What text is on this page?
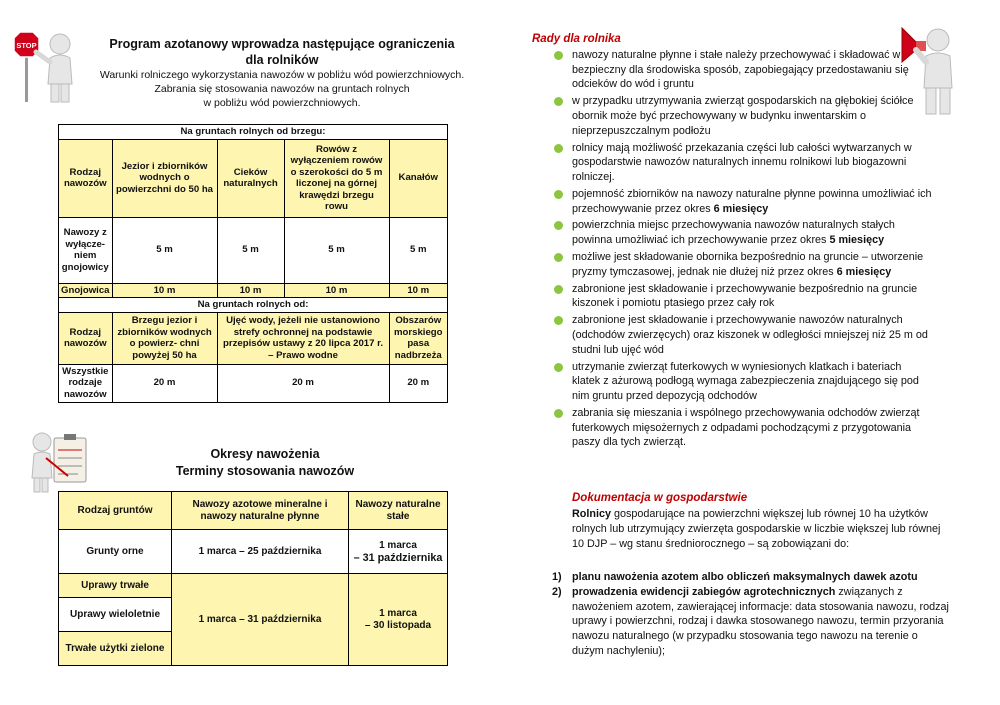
STOP	Program azotanowy wprowadza następujące ograniczenia
dla rolników
Warunki rolniczego wykorzystania nawozów w pobliżu wód powierzchniowych.
Zabrania się stosowania nawozów na gruntach rolnych
w pobliżu wód powierzchniowych.
Na gruntach rolnych od brzegu:				
Rodzaj nawozów	Jezior i zbiorników wodnych o powierzchni do 50 ha	Cieków naturalnych	Rowów z wyłączeniem rowów o szerokości do 5 m liczonej na górnej krawędzi brzegu rowu	Kanałów
Nawozy z wyłącze- niem gnojowicy	5 m	5 m	5 m	5 m
Gnojowica	10 m	10 m	10 m	10 m
Na gruntach rolnych od:				
Rodzaj nawozów	Brzegu jezior i zbiorników wodnych o powierz- chni powyżej 50 ha	Ujęć wody, jeżeli nie ustanowiono strefy ochronnej na podstawie przepisów ustawy z 20 lipca 2017 r. – Prawo wodne		Obszarów morskiego pasa nadbrzeża
Wszystkie rodzaje nawozów	20 m	20 m		20 m
Okresy nawożenia
Terminy stosowania nawozów
Rodzaj gruntów	Nawozy azotowe mineralne i nawozy naturalne płynne	Nawozy naturalne stałe
Grunty orne	1 marca – 25 października	1 marca
– 31 października

Uprawy trwałe	1 marca – 31 października	1 marca
– 30 listopada

Uprawy wieloletnie		
Trwałe użytki zielone		
Rady dla rolnika
nawozy naturalne płynne i stałe należy przechowywać i składować w bezpieczny dla środowiska sposób, zapobiegający przedostawaniu się odcieków do wód i gruntu
w przypadku utrzymywania zwierząt gospodarskich na głębokiej ściółce obornik może być przechowywany w budynku inwentarskim o nieprzepuszczalnym podłożu
rolnicy mają możliwość przekazania części lub całości wytwarzanych w gospodarstwie nawozów naturalnych innemu rolnikowi lub biogazowni rolniczej.
pojemność zbiorników na nawozy naturalne płynne powinna umożliwiać ich przechowywanie przez okres 6 miesięcy
powierzchnia miejsc przechowywania nawozów naturalnych stałych powinna umożliwiać ich przechowywanie przez okres 5 miesięcy
możliwe jest składowanie obornika bezpośrednio na gruncie – utworzenie pryzmy tymczasowej, jednak nie dłużej niż przez okres 6 miesięcy
zabronione jest składowanie i przechowywanie bezpośrednio na gruncie kiszonek i pomiotu ptasiego przez cały rok
zabronione jest składowanie i przechowywanie nawozów naturalnych (odchodów zwierzęcych) oraz kiszonek w odległości mniejszej niż 25 m od studni lub ujęć wód
utrzymanie zwierząt futerkowych w wyniesionych klatkach i bateriach klatek z ażurową podłogą wymaga zabezpieczenia znajdującego się pod nim gruntu przed depozycją odchodów
zabrania się mieszania i wspólnego przechowywania odchodów zwierząt futerkowych mięsożernych z odpadami pochodzącymi z przygotowania paszy dla tych zwierząt.
Dokumentacja w gospodarstwie
Rolnicy gospodarujące na powierzchni większej lub równej 10 ha użytków rolnych lub utrzymujący zwierzęta gospodarskie w liczbie większej lub równej 10 DJP – wg stanu średniorocznego – są zobowiązani do:
1) planu nawożenia azotem albo obliczeń maksymalnych dawek azotu
2) prowadzenia ewidencji zabiegów agrotechnicznych związanych z nawożeniem azotem, zawierającej informacje: data stosowania nawozu, rodzaj uprawy i powierzchni, rodzaj i dawka stosowanego nawozu, termin przyorania nawozu naturalnego (w przypadku stosowania tego nawozu na terenie o dużym nachyleniu);
